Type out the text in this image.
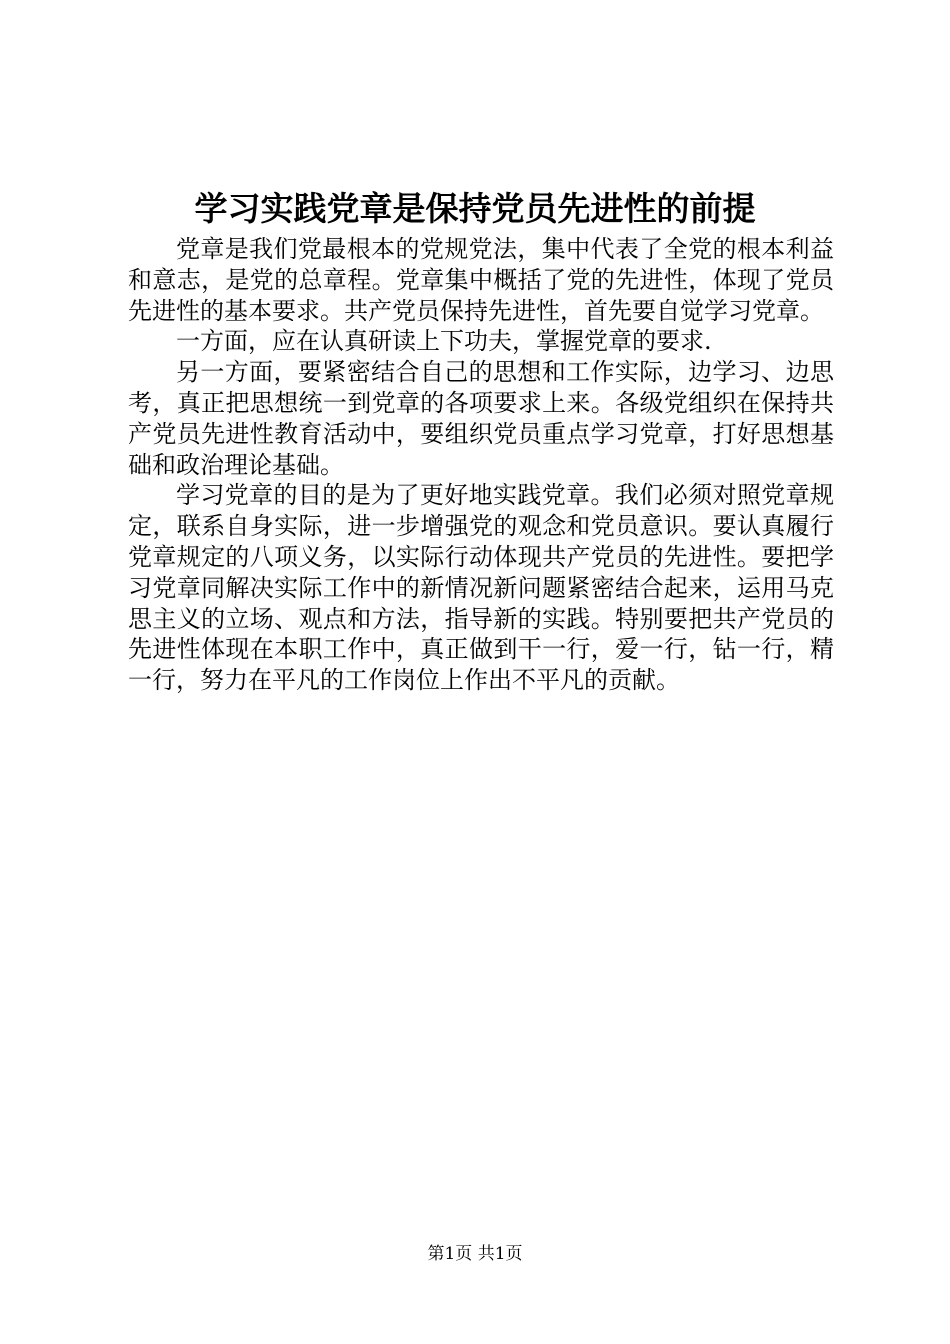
学习实践党章是保持党员先进性的前提

党章是我们党最根本的党规党法，集中代表了全党的根本利益和意志，是党的总章程。党章集中概括了党的先进性，体现了党员先进性的基本要求。共产党员保持先进性，首先要自觉学习党章。

一方面，应在认真研读上下功夫，掌握党章的要求.

另一方面，要紧密结合自己的思想和工作实际，边学习、边思考，真正把思想统一到党章的各项要求上来。各级党组织在保持共产党员先进性教育活动中，要组织党员重点学习党章，打好思想基础和政治理论基础。

学习党章的目的是为了更好地实践党章。我们必须对照党章规定，联系自身实际，进一步增强党的观念和党员意识。要认真履行党章规定的八项义务，以实际行动体现共产党员的先进性。要把学习党章同解决实际工作中的新情况新问题紧密结合起来，运用马克思主义的立场、观点和方法，指导新的实践。特别要把共产党员的先进性体现在本职工作中，真正做到干一行，爱一行，钻一行，精一行，努力在平凡的工作岗位上作出不平凡的贡献。

第1页 共1页
